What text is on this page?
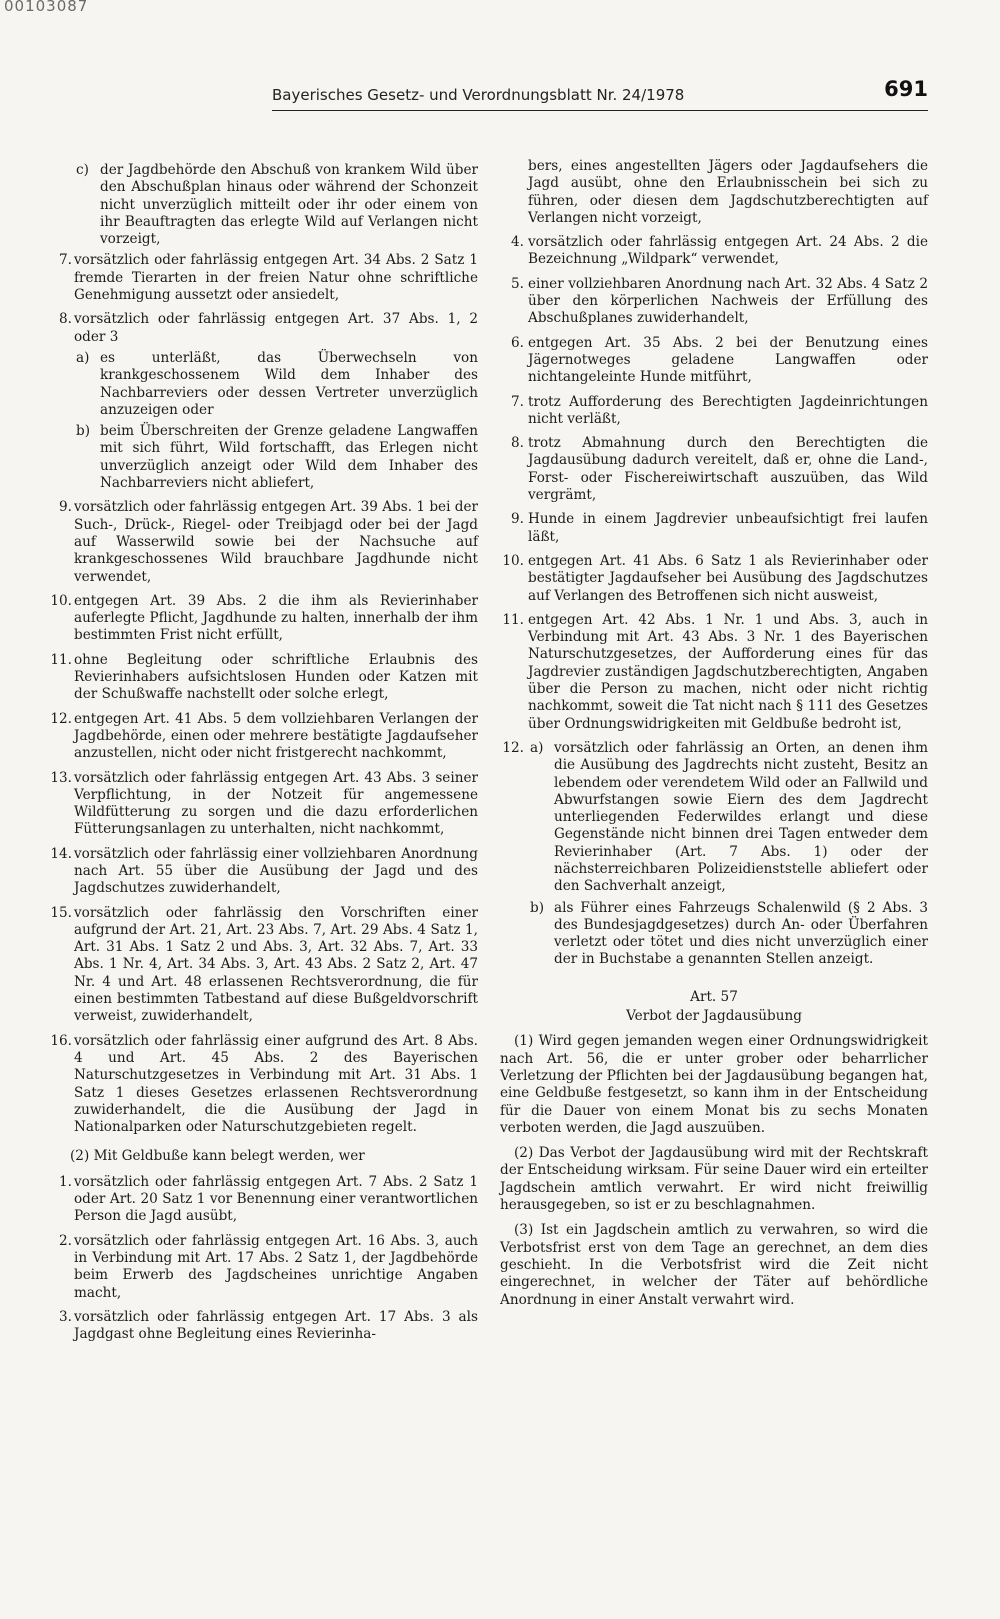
00103087
Bayerisches Gesetz- und Verordnungsblatt Nr. 24/1978	691
c) der Jagdbehörde den Abschuß von krankem Wild über den Abschußplan hinaus oder während der Schonzeit nicht unverzüglich mitteilt oder ihr oder einem von ihr Beauftragten das erlegte Wild auf Verlangen nicht vorzeigt,
7. vorsätzlich oder fahrlässig entgegen Art. 34 Abs. 2 Satz 1 fremde Tierarten in der freien Natur ohne schriftliche Genehmigung aussetzt oder ansiedelt,
8. vorsätzlich oder fahrlässig entgegen Art. 37 Abs. 1, 2 oder 3
a) es unterläßt, das Überwechseln von krankgeschossenem Wild dem Inhaber des Nachbarreviers oder dessen Vertreter unverzüglich anzuzeigen oder
b) beim Überschreiten der Grenze geladene Langwaffen mit sich führt, Wild fortschafft, das Erlegen nicht unverzüglich anzeigt oder Wild dem Inhaber des Nachbarreviers nicht abliefert,
9. vorsätzlich oder fahrlässig entgegen Art. 39 Abs. 1 bei der Such-, Drück-, Riegel- oder Treibjagd oder bei der Jagd auf Wasserwild sowie bei der Nachsuche auf krankgeschossenes Wild brauchbare Jagdhunde nicht verwendet,
10. entgegen Art. 39 Abs. 2 die ihm als Revierinhaber auferlegte Pflicht, Jagdhunde zu halten, innerhalb der ihm bestimmten Frist nicht erfüllt,
11. ohne Begleitung oder schriftliche Erlaubnis des Revierinhabers aufsichtslosen Hunden oder Katzen mit der Schußwaffe nachstellt oder solche erlegt,
12. entgegen Art. 41 Abs. 5 dem vollziehbaren Verlangen der Jagdbehörde, einen oder mehrere bestätigte Jagdaufseher anzustellen, nicht oder nicht fristgerecht nachkommt,
13. vorsätzlich oder fahrlässig entgegen Art. 43 Abs. 3 seiner Verpflichtung, in der Notzeit für angemessene Wildfütterung zu sorgen und die dazu erforderlichen Fütterungsanlagen zu unterhalten, nicht nachkommt,
14. vorsätzlich oder fahrlässig einer vollziehbaren Anordnung nach Art. 55 über die Ausübung der Jagd und des Jagdschutzes zuwiderhandelt,
15. vorsätzlich oder fahrlässig den Vorschriften einer aufgrund der Art. 21, Art. 23 Abs. 7, Art. 29 Abs. 4 Satz 1, Art. 31 Abs. 1 Satz 2 und Abs. 3, Art. 32 Abs. 7, Art. 33 Abs. 1 Nr. 4, Art. 34 Abs. 3, Art. 43 Abs. 2 Satz 2, Art. 47 Nr. 4 und Art. 48 erlassenen Rechtsverordnung, die für einen bestimmten Tatbestand auf diese Bußgeldvorschrift verweist, zuwiderhandelt,
16. vorsätzlich oder fahrlässig einer aufgrund des Art. 8 Abs. 4 und Art. 45 Abs. 2 des Bayerischen Naturschutzgesetzes in Verbindung mit Art. 31 Abs. 1 Satz 1 dieses Gesetzes erlassenen Rechtsverordnung zuwiderhandelt, die die Ausübung der Jagd in Nationalparken oder Naturschutzgebieten regelt.
(2) Mit Geldbuße kann belegt werden, wer
1. vorsätzlich oder fahrlässig entgegen Art. 7 Abs. 2 Satz 1 oder Art. 20 Satz 1 vor Benennung einer verantwortlichen Person die Jagd ausübt,
2. vorsätzlich oder fahrlässig entgegen Art. 16 Abs. 3, auch in Verbindung mit Art. 17 Abs. 2 Satz 1, der Jagdbehörde beim Erwerb des Jagdscheines unrichtige Angaben macht,
3. vorsätzlich oder fahrlässig entgegen Art. 17 Abs. 3 als Jagdgast ohne Begleitung eines Revierinha-
bers, eines angestellten Jägers oder Jagdaufsehers die Jagd ausübt, ohne den Erlaubnisschein bei sich zu führen, oder diesen dem Jagdschutzberechtigten auf Verlangen nicht vorzeigt,
4. vorsätzlich oder fahrlässig entgegen Art. 24 Abs. 2 die Bezeichnung „Wildpark“ verwendet,
5. einer vollziehbaren Anordnung nach Art. 32 Abs. 4 Satz 2 über den körperlichen Nachweis der Erfüllung des Abschußplanes zuwiderhandelt,
6. entgegen Art. 35 Abs. 2 bei der Benutzung eines Jägernotweges geladene Langwaffen oder nichtangeleinte Hunde mitführt,
7. trotz Aufforderung des Berechtigten Jagdeinrichtungen nicht verläßt,
8. trotz Abmahnung durch den Berechtigten die Jagdausübung dadurch vereitelt, daß er, ohne die Land-, Forst- oder Fischereiwirtschaft auszuüben, das Wild vergrämt,
9. Hunde in einem Jagdrevier unbeaufsichtigt frei laufen läßt,
10. entgegen Art. 41 Abs. 6 Satz 1 als Revierinhaber oder bestätigter Jagdaufseher bei Ausübung des Jagdschutzes auf Verlangen des Betroffenen sich nicht ausweist,
11. entgegen Art. 42 Abs. 1 Nr. 1 und Abs. 3, auch in Verbindung mit Art. 43 Abs. 3 Nr. 1 des Bayerischen Naturschutzgesetzes, der Aufforderung eines für das Jagdrevier zuständigen Jagdschutzberechtigten, Angaben über die Person zu machen, nicht oder nicht richtig nachkommt, soweit die Tat nicht nach § 111 des Gesetzes über Ordnungswidrigkeiten mit Geldbuße bedroht ist,
12. a) vorsätzlich oder fahrlässig an Orten, an denen ihm die Ausübung des Jagdrechts nicht zusteht, Besitz an lebendem oder verendetem Wild oder an Fallwild und Abwurfstangen sowie Eiern des dem Jagdrecht unterliegenden Federwildes erlangt und diese Gegenstände nicht binnen drei Tagen entweder dem Revierinhaber (Art. 7 Abs. 1) oder der nächsterreichbaren Polizeidienststelle abliefert oder den Sachverhalt anzeigt,
b) als Führer eines Fahrzeugs Schalenwild (§ 2 Abs. 3 des Bundesjagdgesetzes) durch An- oder Überfahren verletzt oder tötet und dies nicht unverzüglich einer der in Buchstabe a genannten Stellen anzeigt.
Art. 57
Verbot der Jagdausübung
(1) Wird gegen jemanden wegen einer Ordnungswidrigkeit nach Art. 56, die er unter grober oder beharrlicher Verletzung der Pflichten bei der Jagdausübung begangen hat, eine Geldbuße festgesetzt, so kann ihm in der Entscheidung für die Dauer von einem Monat bis zu sechs Monaten verboten werden, die Jagd auszuüben.
(2) Das Verbot der Jagdausübung wird mit der Rechtskraft der Entscheidung wirksam. Für seine Dauer wird ein erteilter Jagdschein amtlich verwahrt. Er wird nicht freiwillig herausgegeben, so ist er zu beschlagnahmen.
(3) Ist ein Jagdschein amtlich zu verwahren, so wird die Verbotsfrist erst von dem Tage an gerechnet, an dem dies geschieht. In die Verbotsfrist wird die Zeit nicht eingerechnet, in welcher der Täter auf behördliche Anordnung in einer Anstalt verwahrt wird.
